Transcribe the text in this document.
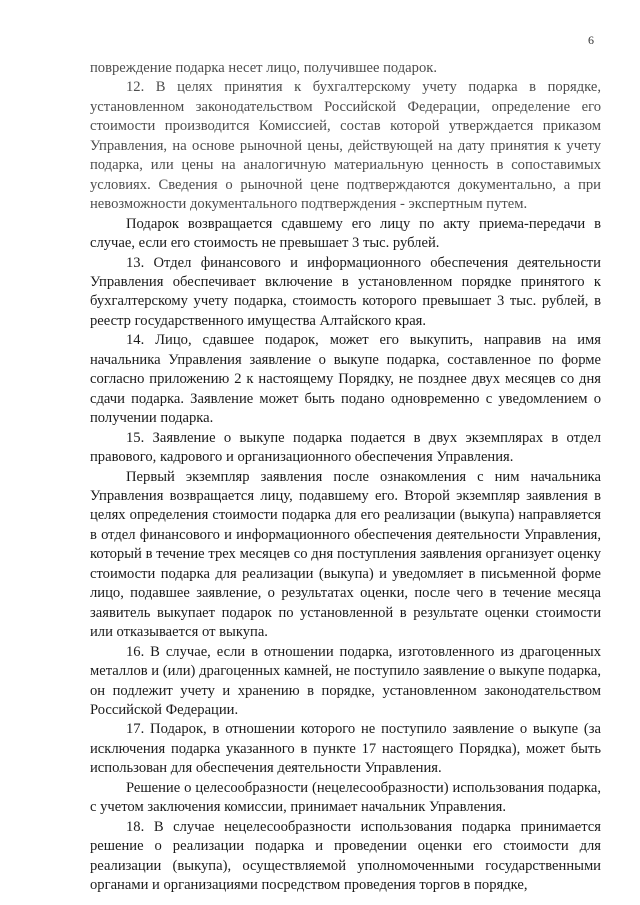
6

повреждение подарка несет лицо, получившее подарок.

12. В целях принятия к бухгалтерскому учету подарка в порядке, установленном законодательством Российской Федерации, определение его стоимости производится Комиссией, состав которой утверждается приказом Управления, на основе рыночной цены, действующей на дату принятия к учету подарка, или цены на аналогичную материальную ценность в сопоставимых условиях. Сведения о рыночной цене подтверждаются документально, а при невозможности документального подтверждения - экспертным путем.

Подарок возвращается сдавшему его лицу по акту приема-передачи в случае, если его стоимость не превышает 3 тыс. рублей.

13. Отдел финансового и информационного обеспечения деятельности Управления обеспечивает включение в установленном порядке принятого к бухгалтерскому учету подарка, стоимость которого превышает 3 тыс. рублей, в реестр государственного имущества Алтайского края.

14. Лицо, сдавшее подарок, может его выкупить, направив на имя начальника Управления заявление о выкупе подарка, составленное по форме согласно приложению 2 к настоящему Порядку, не позднее двух месяцев со дня сдачи подарка. Заявление может быть подано одновременно с уведомлением о получении подарка.

15. Заявление о выкупе подарка подается в двух экземплярах в отдел правового, кадрового и организационного обеспечения Управления.

Первый экземпляр заявления после ознакомления с ним начальника Управления возвращается лицу, подавшему его. Второй экземпляр заявления в целях определения стоимости подарка для его реализации (выкупа) направляется в отдел финансового и информационного обеспечения деятельности Управления, который в течение трех месяцев со дня поступления заявления организует оценку стоимости подарка для реализации (выкупа) и уведомляет в письменной форме лицо, подавшее заявление, о результатах оценки, после чего в течение месяца заявитель выкупает подарок по установленной в результате оценки стоимости или отказывается от выкупа.

16. В случае, если в отношении подарка, изготовленного из драгоценных металлов и (или) драгоценных камней, не поступило заявление о выкупе подарка, он подлежит учету и хранению в порядке, установленном законодательством Российской Федерации.

17. Подарок, в отношении которого не поступило заявление о выкупе (за исключения подарка указанного в пункте 17 настоящего Порядка), может быть использован для обеспечения деятельности Управления.

Решение о целесообразности (нецелесообразности) использования подарка, с учетом заключения комиссии, принимает начальник Управления.

18. В случае нецелесообразности использования подарка принимается решение о реализации подарка и проведении оценки его стоимости для реализации (выкупа), осуществляемой уполномоченными государственными органами и организациями посредством проведения торгов в порядке,
